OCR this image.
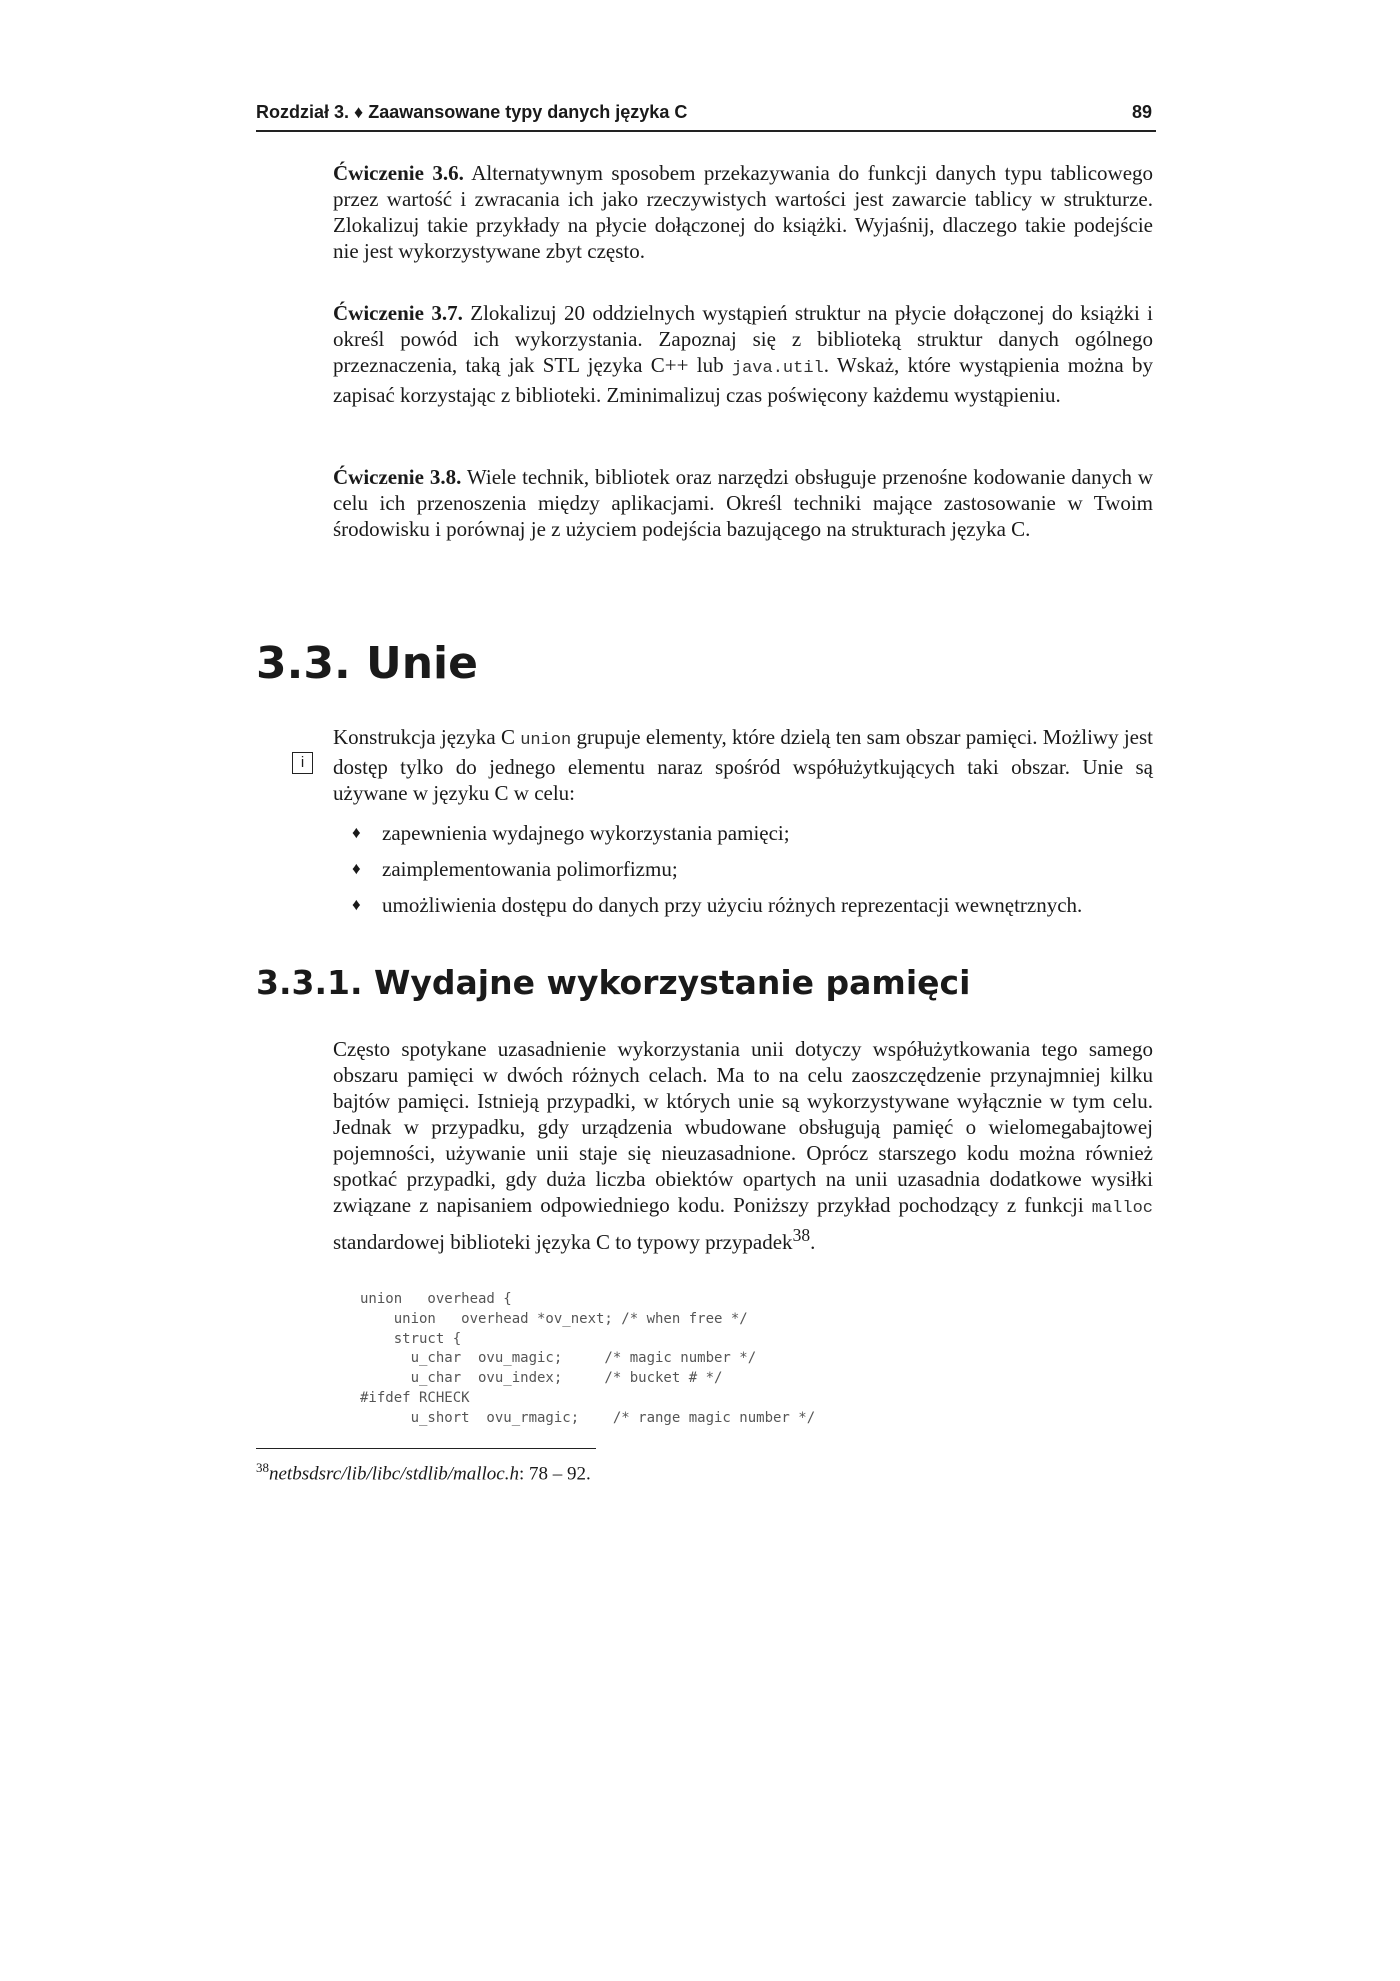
Rozdział 3. ♦ Zaawansowane typy danych języka C	89

Ćwiczenie 3.6. Alternatywnym sposobem przekazywania do funkcji danych typu tablicowego przez wartość i zwracania ich jako rzeczywistych wartości jest zawarcie tablicy w strukturze. Zlokalizuj takie przykłady na płycie dołączonej do książki. Wyjaśnij, dlaczego takie podejście nie jest wykorzystywane zbyt często.

Ćwiczenie 3.7. Zlokalizuj 20 oddzielnych wystąpień struktur na płycie dołączonej do książki i określ powód ich wykorzystania. Zapoznaj się z biblioteką struktur danych ogólnego przeznaczenia, taką jak STL języka C++ lub java.util. Wskaż, które wystąpienia można by zapisać korzystając z biblioteki. Zminimalizuj czas poświęcony każdemu wystąpieniu.

Ćwiczenie 3.8. Wiele technik, bibliotek oraz narzędzi obsługuje przenośne kodowanie danych w celu ich przenoszenia między aplikacjami. Określ techniki mające zastosowanie w Twoim środowisku i porównaj je z użyciem podejścia bazującego na strukturach języka C.

3.3. Unie
i

Konstrukcja języka C union grupuje elementy, które dzielą ten sam obszar pamięci. Możliwy jest dostęp tylko do jednego elementu naraz spośród współużytkujących taki obszar. Unie są używane w języku C w celu:

♦ zapewnienia wydajnego wykorzystania pamięci;
♦ zaimplementowania polimorfizmu;
♦ umożliwienia dostępu do danych przy użyciu różnych reprezentacji wewnętrznych.
3.3.1. Wydajne wykorzystanie pamięci

Często spotykane uzasadnienie wykorzystania unii dotyczy współużytkowania tego samego obszaru pamięci w dwóch różnych celach. Ma to na celu zaoszczędzenie przynajmniej kilku bajtów pamięci. Istnieją przypadki, w których unie są wykorzystywane wyłącznie w tym celu. Jednak w przypadku, gdy urządzenia wbudowane obsługują pamięć o wielomegabajtowej pojemności, używanie unii staje się nieuzasadnione. Oprócz starszego kodu można również spotkać przypadki, gdy duża liczba obiektów opartych na unii uzasadnia dodatkowe wysiłki związane z napisaniem odpowiedniego kodu. Poniższy przykład pochodzący z funkcji malloc standardowej biblioteki języka C to typowy przypadek$^{38}$.

union   overhead {
union   overhead *ov_next; /* when free */
struct {
u_char  ovu_magic;     /* magic number */
u_char  ovu_index;     /* bucket # */
#ifdef RCHECK
u_short  ovu_rmagic;    /* range magic number */
$^{38}$netbsdsrc/lib/libc/stdlib/malloc.h: 78 – 92.
